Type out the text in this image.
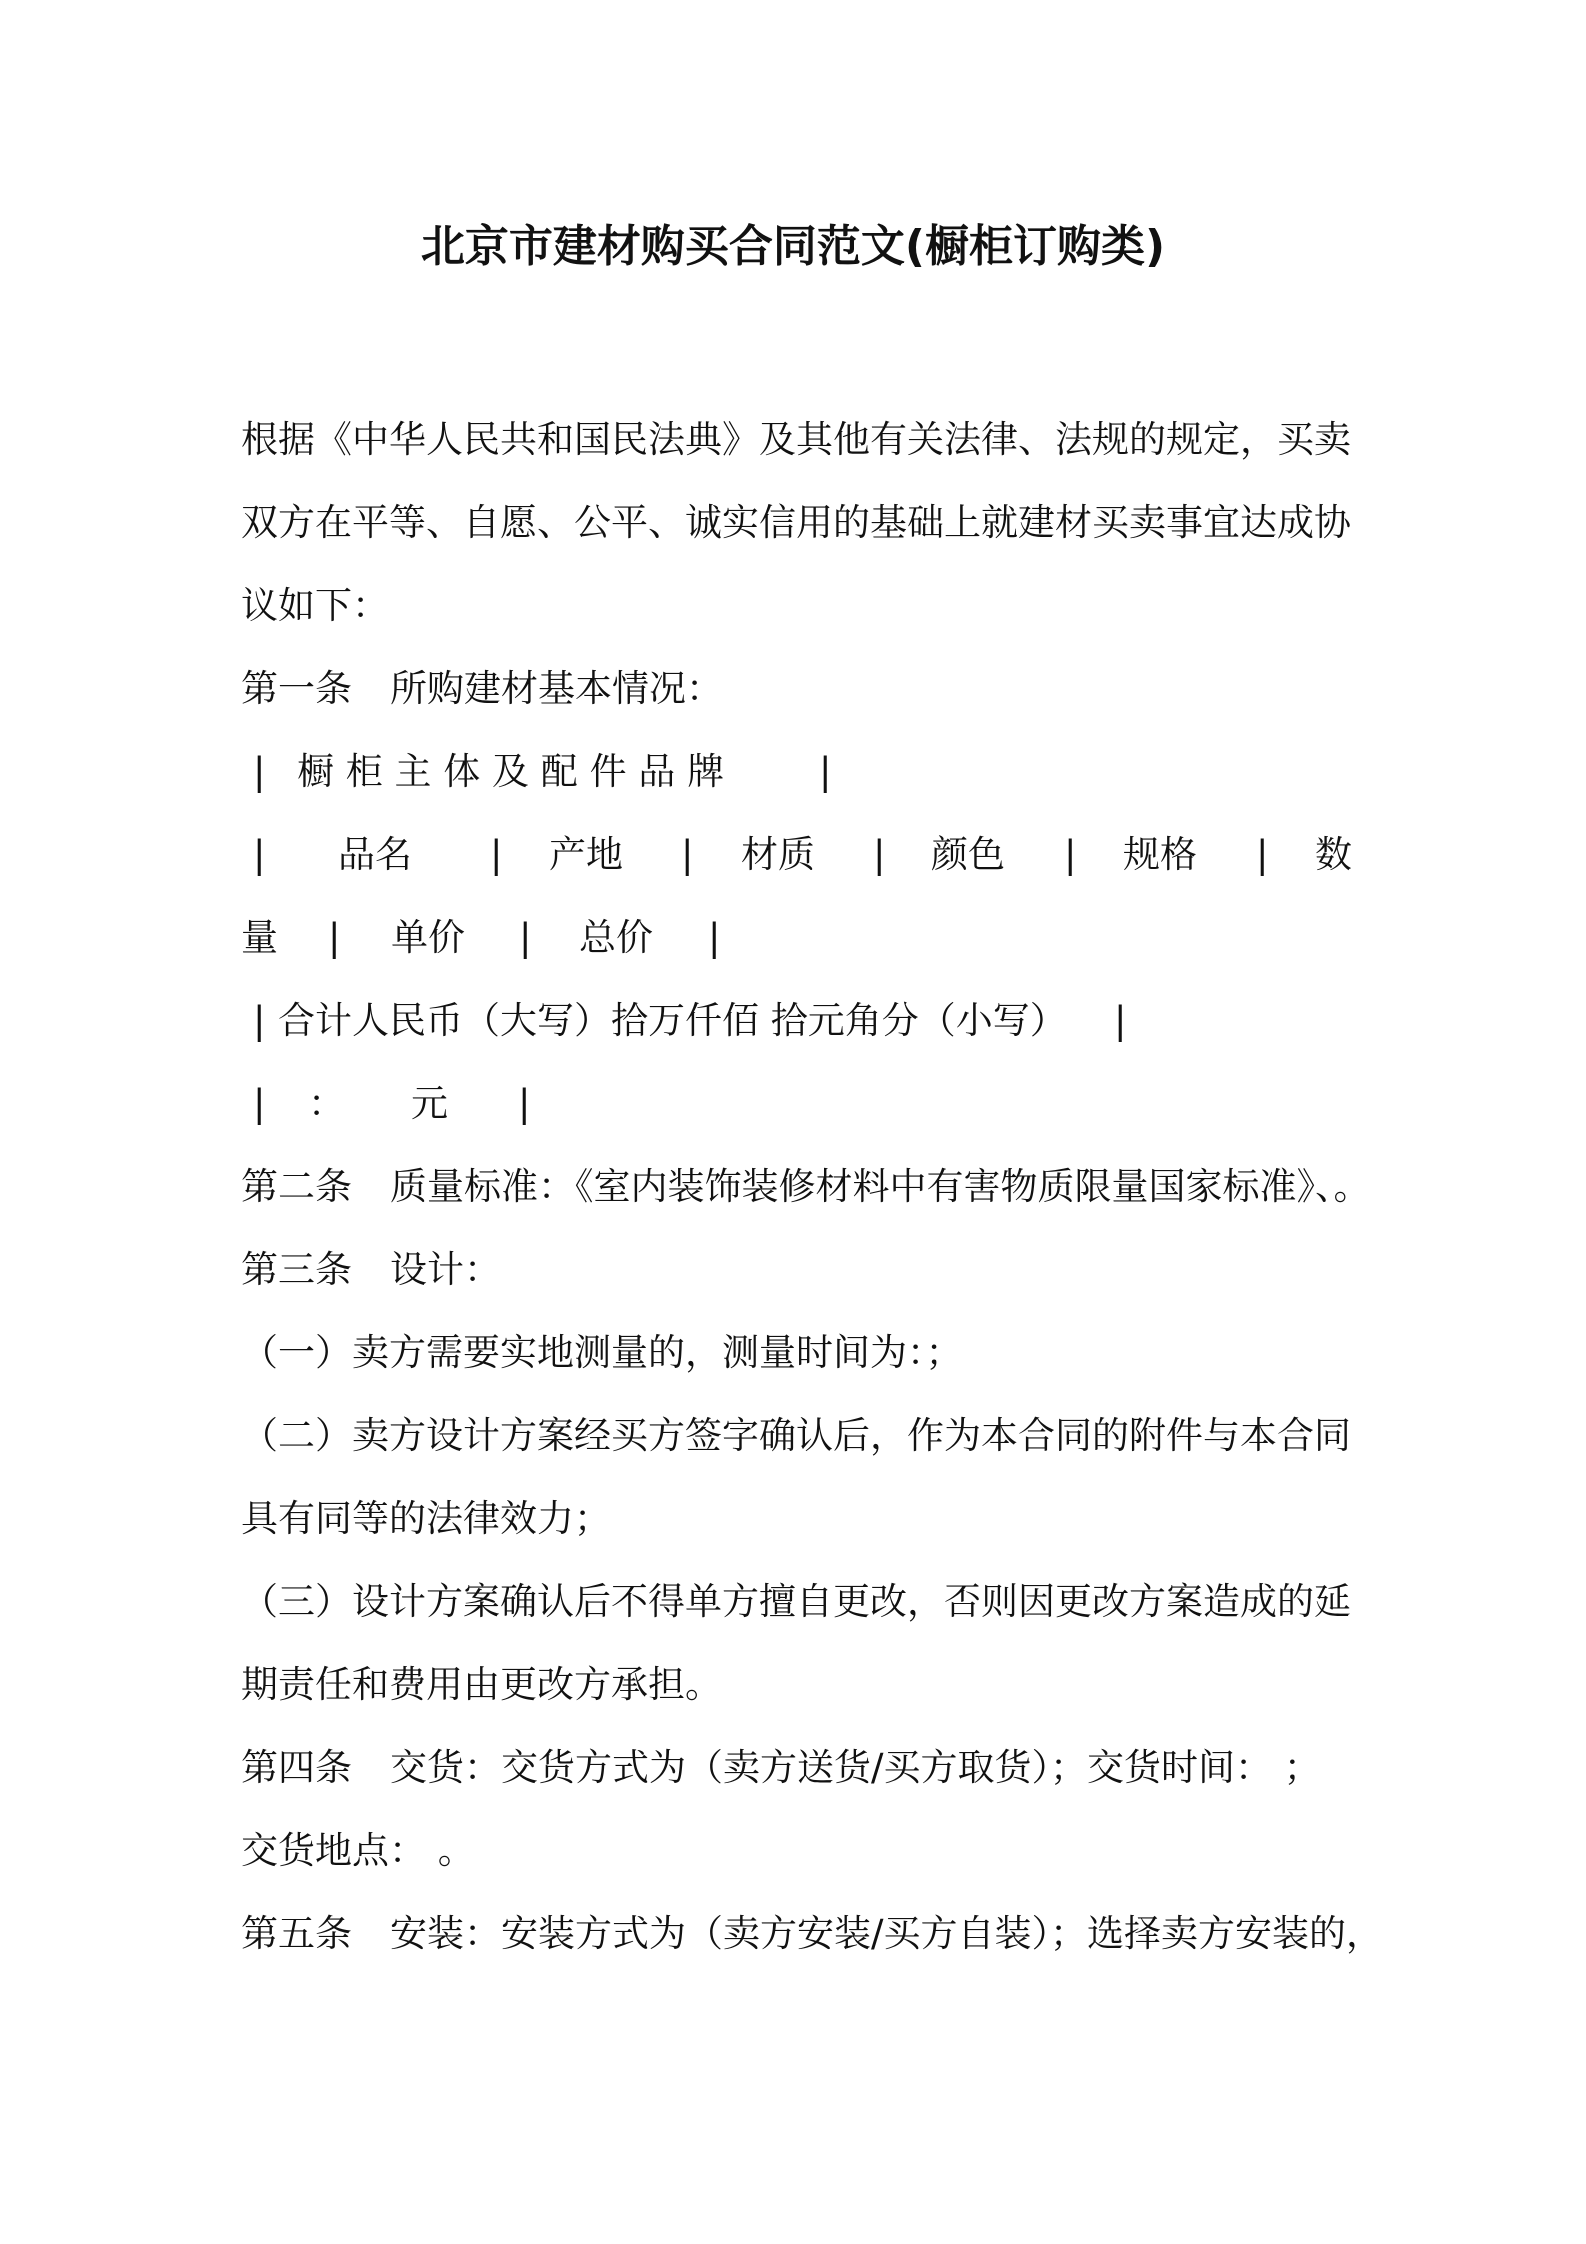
北京市建材购买合同范文(橱柜订购类)
根据《中华人民共和国民法典》及其他有关法律、法规的规定，买卖
双方在平等、自愿、公平、诚实信用的基础上就建材买卖事宜达成协
议如下：
第一条 所购建材基本情况：
| 橱 柜 主 体 及 配 件 品 牌	|
| 品名 | 产地 | 材质 | 颜色 | 规格 | 数
量 | 单价 | 总价 |
| 合计人民币（大写）拾万仟佰 拾元角分（小写） |
| ： 元 |
第二条 质量标准：《室内装饰装修材料中有害物质限量国家标准》、。
第三条 设计：
（一）卖方需要实地测量的，测量时间为：；
（二）卖方设计方案经买方签字确认后，作为本合同的附件与本合同
具有同等的法律效力；
（三）设计方案确认后不得单方擅自更改，否则因更改方案造成的延
期责任和费用由更改方承担。
第四条 交货：交货方式为（卖方送货/买方取货）；交货时间： ；
交货地点： 。
第五条 安装：安装方式为（卖方安装/买方自装）；选择卖方安装的，
